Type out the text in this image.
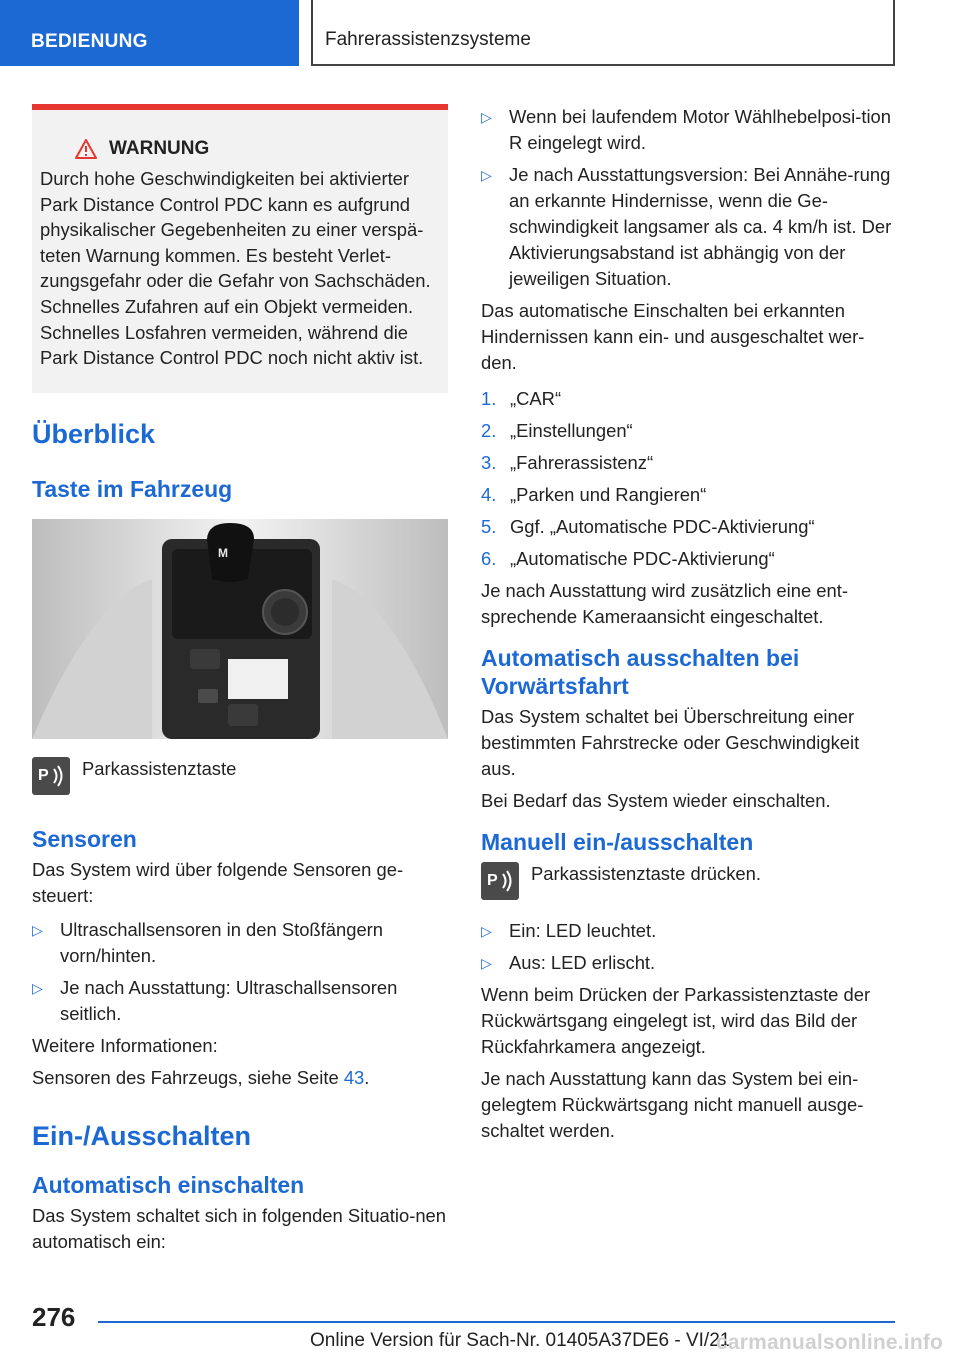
BEDIENUNG	Fahrerassistenzsysteme
WARNUNG

Durch hohe Geschwindigkeiten bei aktivierter Park Distance Control PDC kann es aufgrund physikalischer Gegebenheiten zu einer verspä-teten Warnung kommen. Es besteht Verlet-zungsgefahr oder die Gefahr von Sachschäden. Schnelles Zufahren auf ein Objekt vermeiden. Schnelles Losfahren vermeiden, während die Park Distance Control PDC noch nicht aktiv ist.

Überblick
Taste im Fahrzeug
M
P Parkassistenztaste
Sensoren

Das System wird über folgende Sensoren ge-steuert:

▷ Ultraschallsensoren in den Stoßfängern vorn/hinten.
▷ Je nach Ausstattung: Ultraschallsensoren seitlich.

Weitere Informationen:

Sensoren des Fahrzeugs, siehe Seite 43.

Ein-/Ausschalten
Automatisch einschalten

Das System schaltet sich in folgenden Situatio-nen automatisch ein:

▷ Wenn bei laufendem Motor Wählhebelposi-tion R eingelegt wird.
▷ Je nach Ausstattungsversion: Bei Annähe-rung an erkannte Hindernisse, wenn die Ge-schwindigkeit langsamer als ca. 4 km/h ist. Der Aktivierungsabstand ist abhängig von der jeweiligen Situation.

Das automatische Einschalten bei erkannten Hindernissen kann ein- und ausgeschaltet wer-den.

1. „CAR“
2. „Einstellungen“
3. „Fahrerassistenz“
4. „Parken und Rangieren“
5. Ggf. „Automatische PDC-Aktivierung“
6. „Automatische PDC-Aktivierung“

Je nach Ausstattung wird zusätzlich eine ent-sprechende Kameraansicht eingeschaltet.

Automatisch ausschalten bei Vorwärtsfahrt

Das System schaltet bei Überschreitung einer bestimmten Fahrstrecke oder Geschwindigkeit aus.

Bei Bedarf das System wieder einschalten.

Manuell ein-/ausschalten
P Parkassistenztaste drücken.
▷ Ein: LED leuchtet.
▷ Aus: LED erlischt.

Wenn beim Drücken der Parkassistenztaste der Rückwärtsgang eingelegt ist, wird das Bild der Rückfahrkamera angezeigt.

Je nach Ausstattung kann das System bei ein-gelegtem Rückwärtsgang nicht manuell ausge-schaltet werden.

276
Online Version für Sach-Nr. 01405A37DE6 - VI/21
carmanualsonline.info
